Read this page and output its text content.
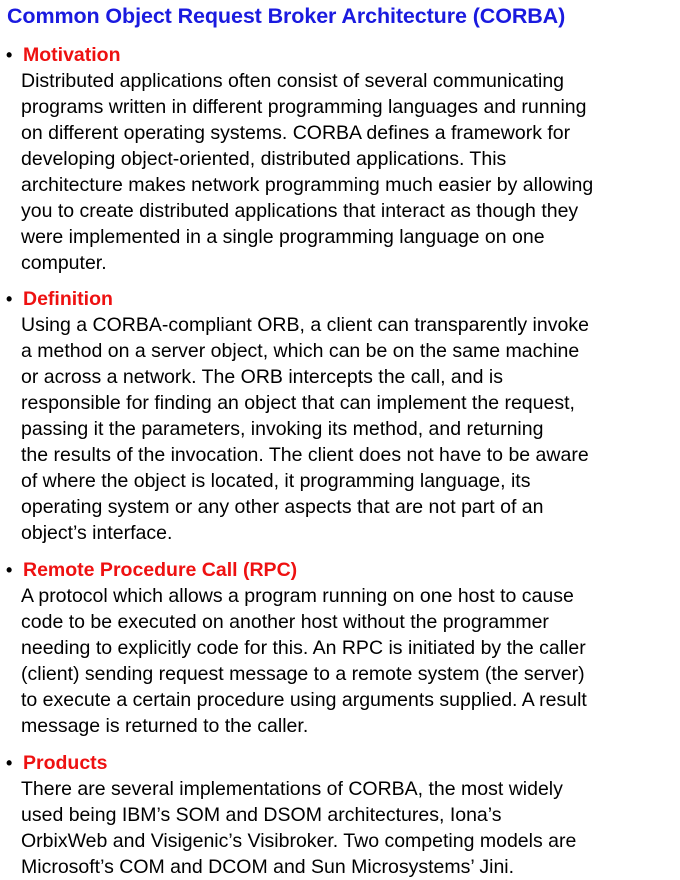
Common Object Request Broker Architecture (CORBA)
• Motivation
Distributed applications often consist of several communicating
programs written in different programming languages and running
on different operating systems. CORBA defines a framework for
developing object-oriented, distributed applications. This
architecture makes network programming much easier by allowing
you to create distributed applications that interact as though they
were implemented in a single programming language on one
computer.
• Definition
Using a CORBA-compliant ORB, a client can transparently invoke
a method on a server object, which can be on the same machine
or across a network. The ORB intercepts the call, and is
responsible for finding an object that can implement the request,
passing it the parameters, invoking its method, and returning
the results of the invocation. The client does not have to be aware
of where the object is located, it programming language, its
operating system or any other aspects that are not part of an
object’s interface.
• Remote Procedure Call (RPC)
A protocol which allows a program running on one host to cause
code to be executed on another host without the programmer
needing to explicitly code for this. An RPC is initiated by the caller
(client) sending request message to a remote system (the server)
to execute a certain procedure using arguments supplied. A result
message is returned to the caller.
• Products
There are several implementations of CORBA, the most widely
used being IBM’s SOM and DSOM architectures, Iona’s
OrbixWeb and Visigenic’s Visibroker. Two competing models are
Microsoft’s COM and DCOM and Sun Microsystems’ Jini.
